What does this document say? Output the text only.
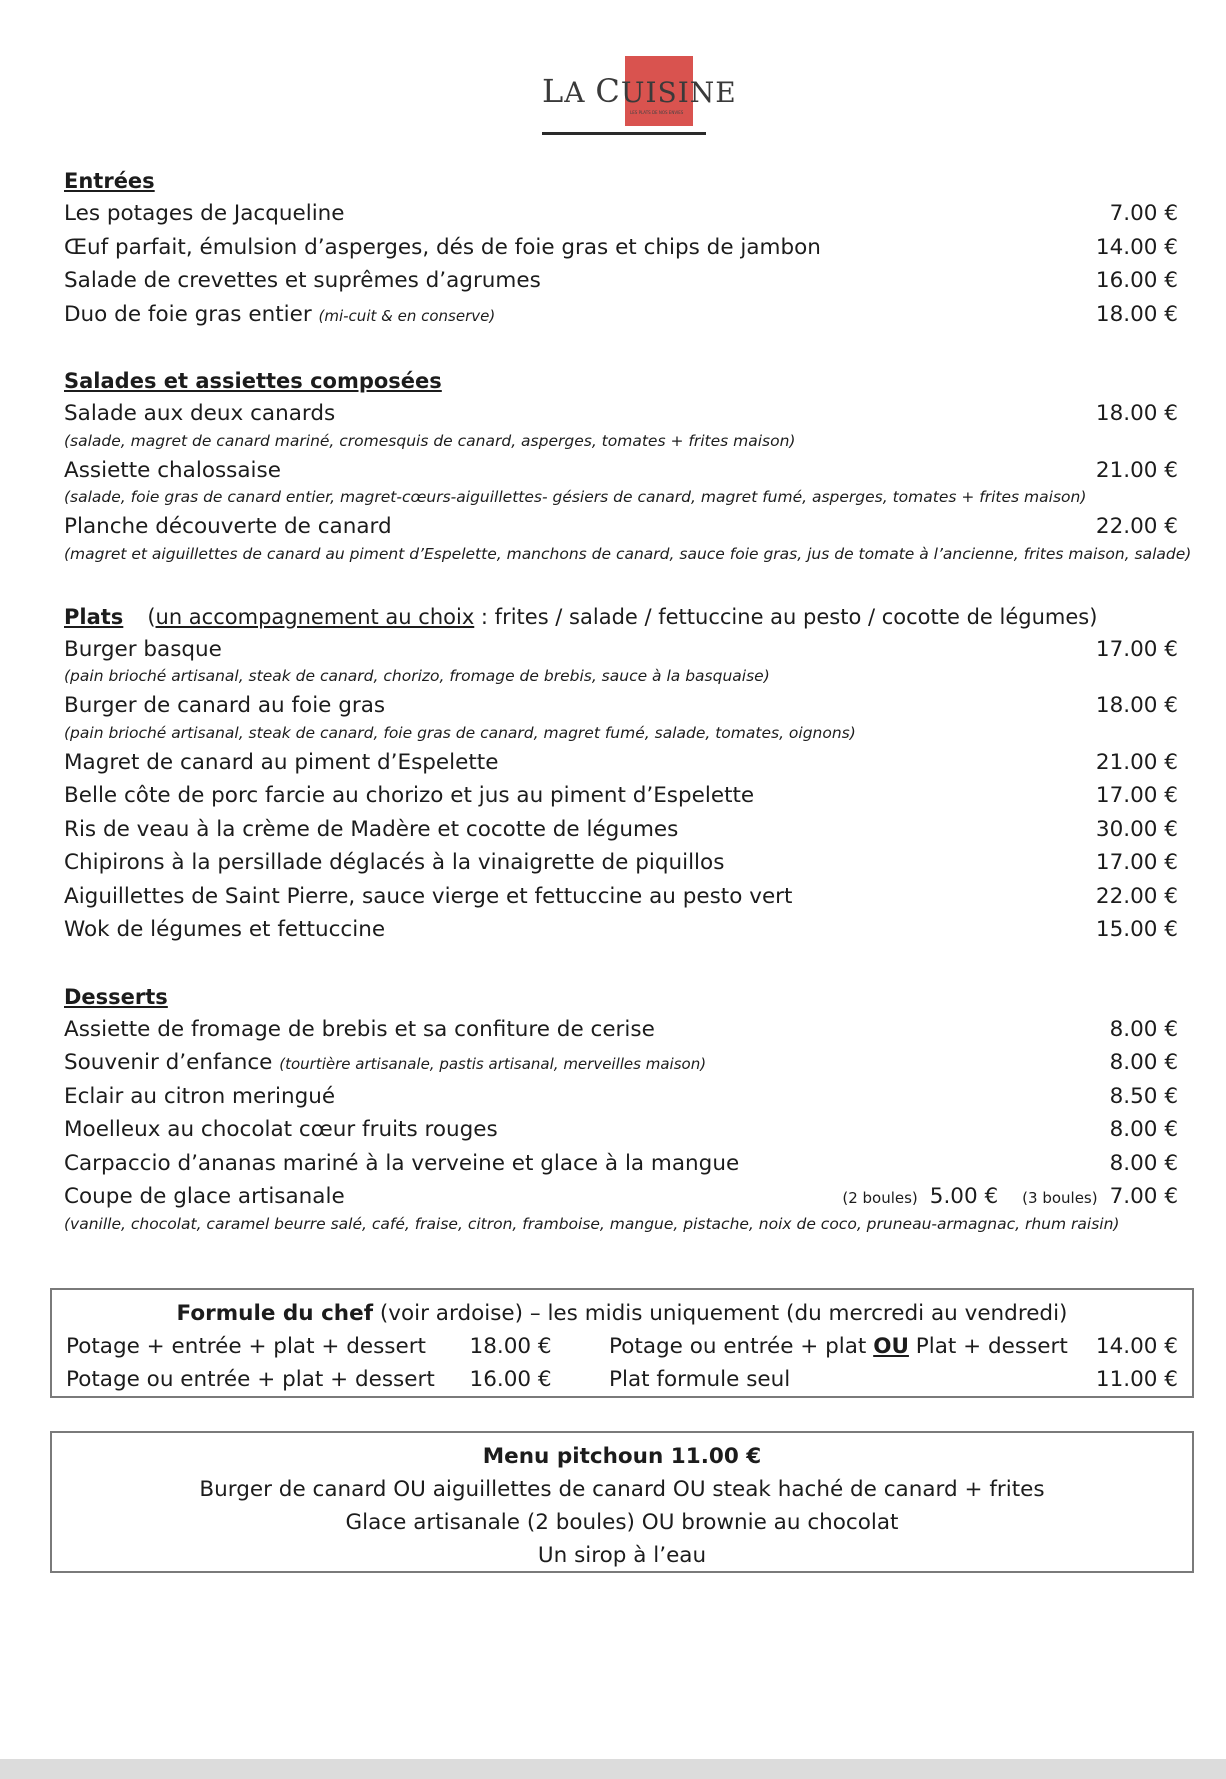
LA CUISINE
LES PLATS DE NOS ENVIES
Entrées
Les potages de Jacqueline	7.00 €
Œuf parfait, émulsion d’asperges, dés de foie gras et chips de jambon	14.00 €
Salade de crevettes et suprêmes d’agrumes	16.00 €
Duo de foie gras entier (mi-cuit & en conserve)	18.00 €
Salades et assiettes composées
Salade aux deux canards	18.00 €
(salade, magret de canard mariné, cromesquis de canard, asperges, tomates + frites maison)
Assiette chalossaise	21.00 €
(salade, foie gras de canard entier, magret-cœurs-aiguillettes- gésiers de canard, magret fumé, asperges, tomates + frites maison)
Planche découverte de canard	22.00 €
(magret et aiguillettes de canard au piment d’Espelette, manchons de canard, sauce foie gras, jus de tomate à l’ancienne, frites maison, salade)
Plats (un accompagnement au choix : frites / salade / fettuccine au pesto / cocotte de légumes)
Burger basque	17.00 €
(pain brioché artisanal, steak de canard, chorizo, fromage de brebis, sauce à la basquaise)
Burger de canard au foie gras	18.00 €
(pain brioché artisanal, steak de canard, foie gras de canard, magret fumé, salade, tomates, oignons)
Magret de canard au piment d’Espelette	21.00 €
Belle côte de porc farcie au chorizo et jus au piment d’Espelette	17.00 €
Ris de veau à la crème de Madère et cocotte de légumes	30.00 €
Chipirons à la persillade déglacés à la vinaigrette de piquillos	17.00 €
Aiguillettes de Saint Pierre, sauce vierge et fettuccine au pesto vert	22.00 €
Wok de légumes et fettuccine	15.00 €
Desserts
Assiette de fromage de brebis et sa confiture de cerise	8.00 €
Souvenir d’enfance (tourtière artisanale, pastis artisanal, merveilles maison)	8.00 €
Eclair au citron meringué	8.50 €
Moelleux au chocolat cœur fruits rouges	8.00 €
Carpaccio d’ananas mariné à la verveine et glace à la mangue	8.00 €
Coupe de glace artisanale	(2 boules) 5.00 € (3 boules) 7.00 €
(vanille, chocolat, caramel beurre salé, café, fraise, citron, framboise, mangue, pistache, noix de coco, pruneau-armagnac, rhum raisin)
Formule du chef (voir ardoise) – les midis uniquement (du mercredi au vendredi)
Potage + entrée + plat + dessert	18.00 €	Potage ou entrée + plat OU Plat + dessert	14.00 €
Potage ou entrée + plat + dessert	16.00 €	Plat formule seul	11.00 €
Menu pitchoun 11.00 €
Burger de canard OU aiguillettes de canard OU steak haché de canard + frites
Glace artisanale (2 boules) OU brownie au chocolat
Un sirop à l’eau
